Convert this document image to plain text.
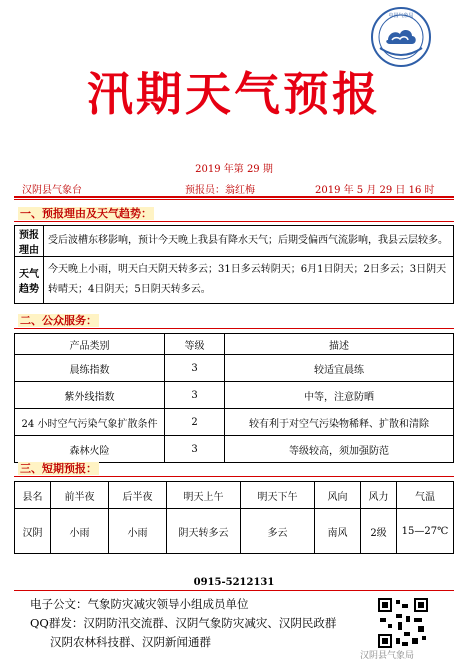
中国气象局
汛期天气预报
2019 年第 29 期
汉阴县气象台	预报员：翁红梅	2019 年 5 月 29 日 16 时
一、预报理由及天气趋势：
预报理由	受后波槽东移影响，预计今天晚上我县有降水天气；后期受偏西气流影响，我县云层较多。
天气趋势	今天晚上小雨，明天白天阴天转多云；31日多云转阴天；6月1日阴天；2日多云；3日阴天转晴天；4日阴天；5日阴天转多云。
二、公众服务：
产品类别	等级	描述
晨练指数	3	较适宜晨练
紫外线指数	3	中等，注意防晒
24 小时空气污染气象扩散条件	2	较有利于对空气污染物稀释、扩散和清除
森林火险	3	等级较高，须加强防范
三、短期预报：
县名	前半夜	后半夜	明天上午	明天下午	风向	风力	气温
汉阴	小雨	小雨	阴天转多云	多云	南风	2级	15—27℃
0915-5212131
电子公文：气象防灾减灾领导小组成员单位
QQ群发：汉阴防汛交流群、汉阴气象防灾减灾、汉阴民政群
汉阴农林科技群、汉阴新闻通群
汉阴县气象局
